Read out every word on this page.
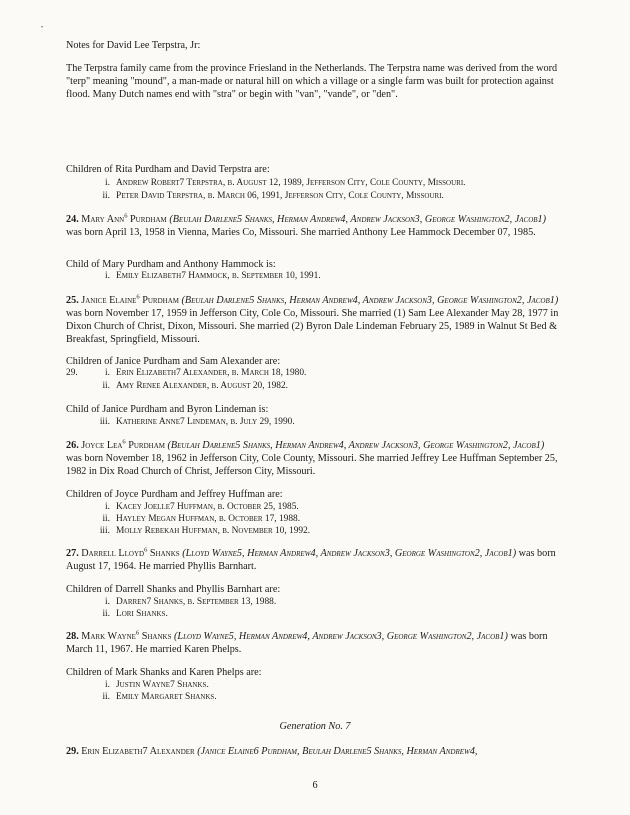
•
Notes for David Lee Terpstra, Jr:
The Terpstra family came from the province Friesland in the Netherlands. The Terpstra name was derived from the word "terp" meaning "mound", a man-made or natural hill on which a village or a single farm was built for protection against flood. Many Dutch names end with "stra" or begin with "van", "vande", or "den".
Children of Rita Purdham and David Terpstra are:
i. Andrew Robert7 Terpstra, b. August 12, 1989, Jefferson City, Cole County, Missouri.
ii. Peter David Terpstra, b. March 06, 1991, Jefferson City, Cole County, Missouri.
24. Mary Ann$^6$ Purdham (Beulah Darlene5 Shanks, Herman Andrew4, Andrew Jackson3, George Washington2, Jacob1) was born April 13, 1958 in Vienna, Maries Co, Missouri. She married Anthony Lee Hammock December 07, 1985.
Child of Mary Purdham and Anthony Hammock is:
i. Emily Elizabeth7 Hammock, b. September 10, 1991.
25. Janice Elaine$^6$ Purdham (Beulah Darlene5 Shanks, Herman Andrew4, Andrew Jackson3, George Washington2, Jacob1) was born November 17, 1959 in Jefferson City, Cole Co, Missouri. She married (1) Sam Lee Alexander May 28, 1977 in Dixon Church of Christ, Dixon, Missouri. She married (2) Byron Dale Lindeman February 25, 1989 in Walnut St Bed & Breakfast, Springfield, Missouri.
Children of Janice Purdham and Sam Alexander are:
29.	i. Erin Elizabeth7 Alexander, b. March 18, 1980.
ii. Amy Renee Alexander, b. August 20, 1982.
Child of Janice Purdham and Byron Lindeman is:
iii. Katherine Anne7 Lindeman, b. July 29, 1990.
26. Joyce Lea$^6$ Purdham (Beulah Darlene5 Shanks, Herman Andrew4, Andrew Jackson3, George Washington2, Jacob1) was born November 18, 1962 in Jefferson City, Cole County, Missouri. She married Jeffrey Lee Huffman September 25, 1982 in Dix Road Church of Christ, Jefferson City, Missouri.
Children of Joyce Purdham and Jeffrey Huffman are:
i. Kacey Joelle7 Huffman, b. October 25, 1985.
ii. Hayley Megan Huffman, b. October 17, 1988.
iii. Molly Rebekah Huffman, b. November 10, 1992.
27. Darrell Lloyd$^6$ Shanks (Lloyd Wayne5, Herman Andrew4, Andrew Jackson3, George Washington2, Jacob1) was born August 17, 1964. He married Phyllis Barnhart.
Children of Darrell Shanks and Phyllis Barnhart are:
i. Darren7 Shanks, b. September 13, 1988.
ii. Lori Shanks.
28. Mark Wayne$^6$ Shanks (Lloyd Wayne5, Herman Andrew4, Andrew Jackson3, George Washington2, Jacob1) was born March 11, 1967. He married Karen Phelps.
Children of Mark Shanks and Karen Phelps are:
i. Justin Wayne7 Shanks.
ii. Emily Margaret Shanks.
Generation No. 7
29. Erin Elizabeth7 Alexander (Janice Elaine6 Purdham, Beulah Darlene5 Shanks, Herman Andrew4,
6
